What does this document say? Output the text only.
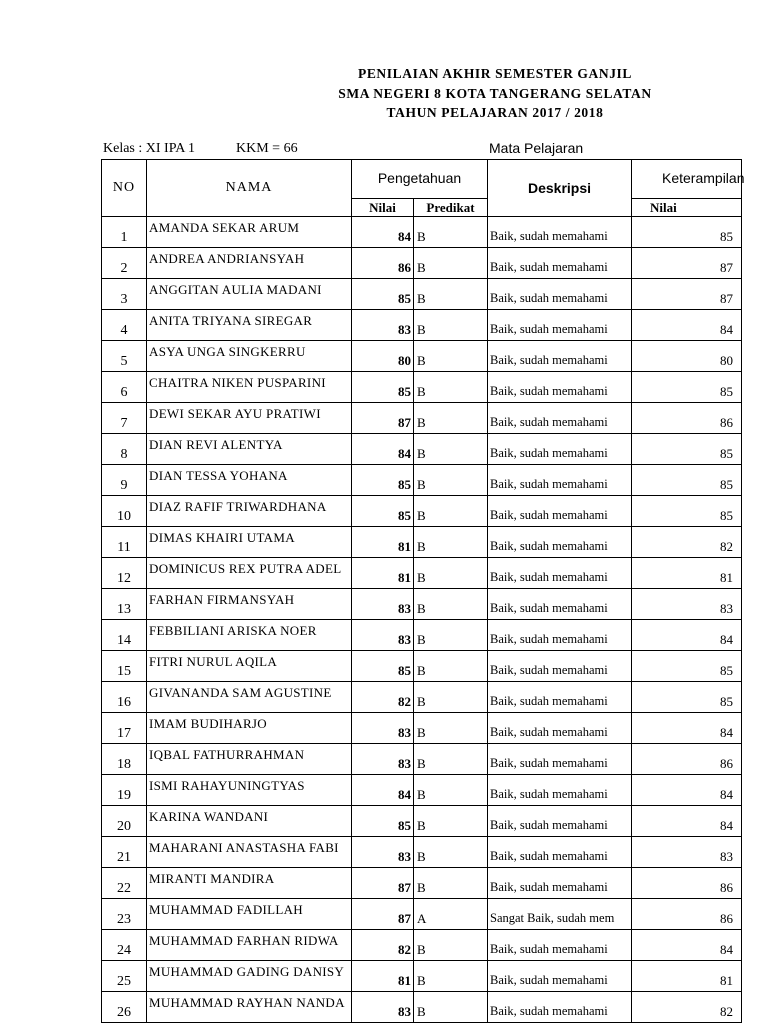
PENILAIAN AKHIR SEMESTER GANJIL
SMA NEGERI 8 KOTA TANGERANG SELATAN
TAHUN PELAJARAN 2017 / 2018
Kelas : XI IPA 1	KKM = 66	Mata Pelajaran
NO	NAMA	Pengetahuan		Deskripsi	Keterampilan
		Nilai	Predikat		Nilai
1	AMANDA SEKAR ARUM	84	B	Baik, sudah memahami	85
2	ANDREA ANDRIANSYAH	86	B	Baik, sudah memahami	87
3	ANGGITAN AULIA MADANI	85	B	Baik, sudah memahami	87
4	ANITA TRIYANA SIREGAR	83	B	Baik, sudah memahami	84
5	ASYA UNGA SINGKERRU	80	B	Baik, sudah memahami	80
6	CHAITRA NIKEN PUSPARINI	85	B	Baik, sudah memahami	85
7	DEWI SEKAR AYU PRATIWI	87	B	Baik, sudah memahami	86
8	DIAN REVI ALENTYA	84	B	Baik, sudah memahami	85
9	DIAN TESSA YOHANA	85	B	Baik, sudah memahami	85
10	DIAZ RAFIF TRIWARDHANA	85	B	Baik, sudah memahami	85
11	DIMAS KHAIRI UTAMA	81	B	Baik, sudah memahami	82
12	DOMINICUS REX PUTRA ADEL	81	B	Baik, sudah memahami	81
13	FARHAN FIRMANSYAH	83	B	Baik, sudah memahami	83
14	FEBBILIANI ARISKA NOER	83	B	Baik, sudah memahami	84
15	FITRI NURUL AQILA	85	B	Baik, sudah memahami	85
16	GIVANANDA SAM AGUSTINE	82	B	Baik, sudah memahami	85
17	IMAM BUDIHARJO	83	B	Baik, sudah memahami	84
18	IQBAL FATHURRAHMAN	83	B	Baik, sudah memahami	86
19	ISMI RAHAYUNINGTYAS	84	B	Baik, sudah memahami	84
20	KARINA WANDANI	85	B	Baik, sudah memahami	84
21	MAHARANI ANASTASHA FABI	83	B	Baik, sudah memahami	83
22	MIRANTI MANDIRA	87	B	Baik, sudah memahami	86
23	MUHAMMAD FADILLAH	87	A	Sangat Baik, sudah mem	86
24	MUHAMMAD FARHAN RIDWA	82	B	Baik, sudah memahami	84
25	MUHAMMAD GADING DANISY	81	B	Baik, sudah memahami	81
26	MUHAMMAD RAYHAN NANDA	83	B	Baik, sudah memahami	82
